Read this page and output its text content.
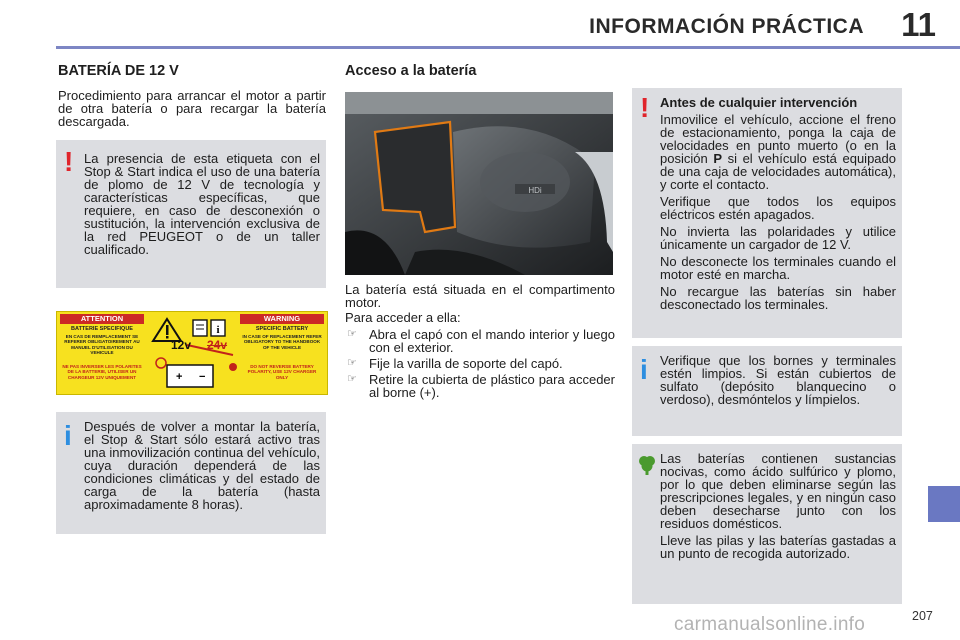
INFORMACIÓN PRÁCTICA 11
BATERÍA DE 12 V
Procedimiento para arrancar el motor a partir de otra batería o para recargar la batería descargada.
! La presencia de esta etiqueta con el Stop & Start indica el uso de una batería de plomo de 12 V de tecnología y características específicas, que requiere, en caso de desconexión o sustitución, la intervención exclusiva de la red PEUGEOT o de un taller cualificado.
ATTENTION	WARNING
BATTERIE SPECIFIQUE
EN CAS DE REMPLACEMENT SE REFERER OBLIGATOIREMENT AU MANUEL D'UTILISATION DU VEHICULE
NE PAS INVERSER LES POLARITES DE LA BATTERIE, UTILISER UN CHARGEUR 12V UNIQUEMENT
SPECIFIC BATTERY
IN CASE OF REPLACEMENT REFER OBLIGATORY TO THE HANDBOOK OF THE VEHICLE
DO NOT REVERSE BATTERY POLARITY, USE 12V CHARGER ONLY
i
+ −
12v 24v
i Después de volver a montar la batería, el Stop & Start sólo estará activo tras una inmovilización continua del vehículo, cuya duración dependerá de las condiciones climáticas y del estado de carga de la batería (hasta aproximadamente 8 horas).
Acceso a la batería
HDi
La batería está situada en el compartimento motor.
Para acceder a ella:
☞ Abra el capó con el mando interior y luego con el exterior.
☞ Fije la varilla de soporte del capó.
☞ Retire la cubierta de plástico para acceder al borne (+).
! Antes de cualquier intervención

Inmovilice el vehículo, accione el freno de estacionamiento, ponga la caja de velocidades en punto muerto (o en la posición P si el vehículo está equipado de una caja de velocidades automática), y corte el contacto.

Verifique que todos los equipos eléctricos estén apagados.

No invierta las polaridades y utilice únicamente un cargador de 12 V.

No desconecte los terminales cuando el motor esté en marcha.

No recargue las baterías sin haber desconectado los terminales.

i Verifique que los bornes y terminales estén limpios. Si están cubiertos de sulfato (depósito blanquecino o verdoso), desmóntelos y límpielos.

Las baterías contienen sustancias nocivas, como ácido sulfúrico y plomo, por lo que deben eliminarse según las prescripciones legales, y en ningún caso deben desecharse junto con los residuos domésticos.

Lleve las pilas y las baterías gastadas a un punto de recogida autorizado.

207
carmanualsonline.info
